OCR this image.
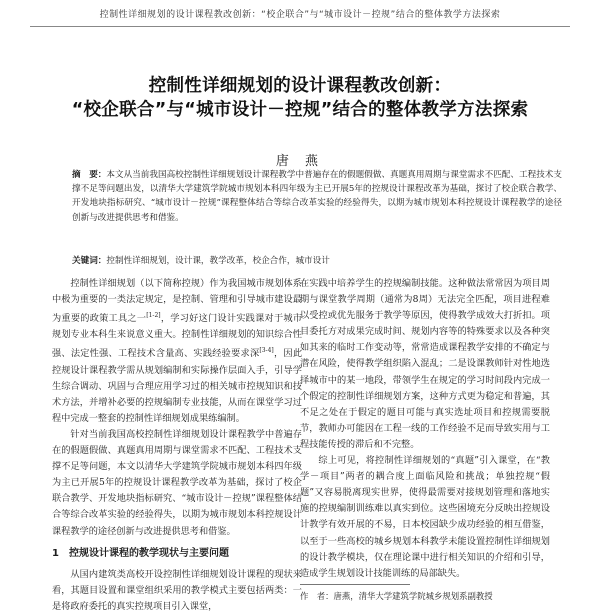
控制性详细规划的设计课程教改创新：“校企联合”与“城市设计－控规”结合的整体教学方法探索
控制性详细规划的设计课程教改创新：
“校企联合”与“城市设计－控规”结合的整体教学方法探索
唐 燕
摘　要：本文从当前我国高校控制性详细规划设计课程教学中普遍存在的假题假做、真题真用周期与课堂需求不匹配、工程技术支撑不足等问题出发，以清华大学建筑学院城市规划本科四年级为主已开展5年的控规设计课程改革为基础，探讨了校企联合教学、开发地块指标研究、“城市设计－控规”课程整体结合等综合改革实验的经验得失，以期为城市规划本科控规设计课程教学的途径创新与改进提供思考和借鉴。
关键词：控制性详细规划，设计课，教学改革，校企合作，城市设计

控制性详细规划（以下简称控规）作为我国城市规划体系中极为重要的一类法定规定，是控制、管理和引导城市建设最为重要的政策工具之一[1-2]，学习好这门设计实践课对于城市规划专业本科生来说意义重大。控制性详细规划的知识综合性强、法定性强、工程技术含量高、实践经验要求深[3-4]，因此控规设计课程教学需从规划编制和实际操作层面入手，引导学生综合调动、巩固与合理应用学习过的相关城市控规知识和技术方法，并增补必要的控规编制专业技能，从而在课堂学习过程中完成一整套的控制性详细规划成果练编制。

针对当前我国高校控制性详细规划设计课程教学中普遍存在的假题假做、真题真用周期与课堂需求不匹配、工程技术支撑不足等问题，本文以清华大学建筑学院城市规划本科四年级为主已开展5年的控规设计课程教学改革为基础，探讨了校企联合教学、开发地块指标研究、“城市设计－控规”课程整体结合等综合改革实验的经验得失，以期为城市规划本科控规设计课程教学的途径创新与改进提供思考和借鉴。

1　控规设计课程的教学现状与主要问题

从国内建筑类高校开设控制性详细规划设计课程的现状来看，其题目设置和课堂组织采用的教学模式主要包括两类：一是将政府委托的真实控规项目引入课堂，

在实践中培养学生的控规编制技能。这种做法常常因为项目周期与课堂教学周期（通常为8周）无法完全匹配，项目进程难以受控或优先服务于教学等原因，使得教学成效大打折扣。项目委托方对成果完成时间、规划内容等的特殊要求以及各种突如其来的临时工作变动等，常常造成课程教学安排的不确定与潜在风险，使得教学组织陷入混乱；二是设课教师针对性地选择城市中的某一地段，带领学生在规定的学习时间段内完成一个假定的控制性详细规划方案，这种方式更为稳定和普遍，其不足之处在于假定的题目可能与真实选址项目和控规需要脱节，教师办可能因在工程一线的工作经验不足而导致实用与工程技能传授的滞后和不完整。

综上可见，将控制性详细规划的“真题”引入课堂，在“教学－项目”两者的耦合度上面临风险和挑战；单独控规“假题”又容易脱离现实世界，使得最需要对接规划管理和落地实施的控规编制训练难以真实到位。这些困境充分反映出控规设计教学有效开展的不易，日本校园缺少成功经验的相互借鉴，以至于一些高校的城乡规划本科教学未能设置控制性详细规划的设计教学模块，仅在理论课中进行相关知识的介绍和引导，造成学生规划设计技能训练的局部缺失。

作　者：唐燕，清华大学建筑学院城乡规划系副教授
